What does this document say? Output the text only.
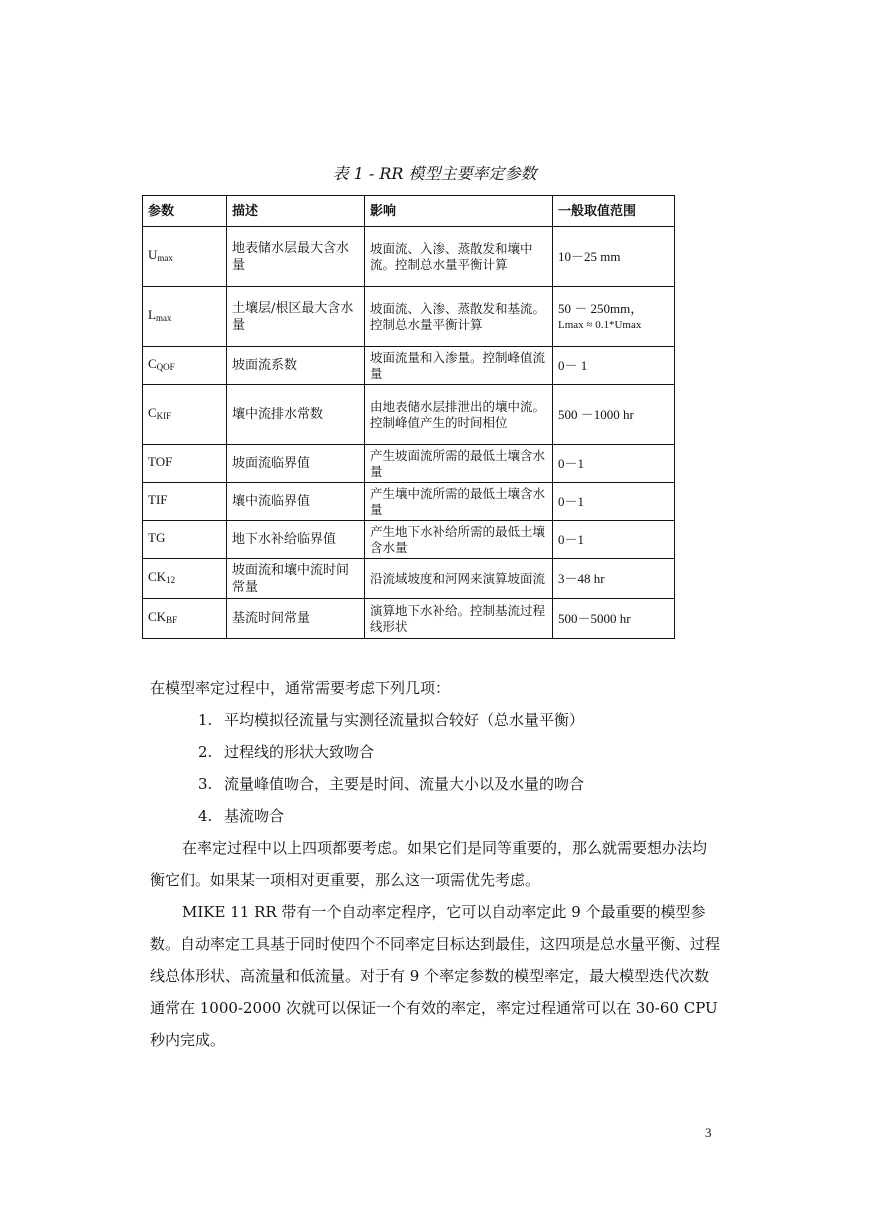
表 1 - RR 模型主要率定参数
参数	描述	影响	一般取值范围
$U_{max}$	地表储水层最大含水量	坡面流、入渗、蒸散发和壤中流。控制总水量平衡计算	10－25 mm

$L_{max}$	土壤层/根区最大含水量	坡面流、入渗、蒸散发和基流。控制总水量平衡计算	50 － 250mm，
Lmax ≈ 0.1*Umax

$C_{QOF}$	坡面流系数	坡面流量和入渗量。控制峰值流量	0－ 1

$C_{KIF}$	壤中流排水常数	由地表储水层排泄出的壤中流。控制峰值产生的时间相位	500 －1000 hr

TOF	坡面流临界值	产生坡面流所需的最低土壤含水量	0－1

TIF	壤中流临界值	产生壤中流所需的最低土壤含水量	0－1

TG	地下水补给临界值	产生地下水补给所需的最低土壤含水量	0－1

$CK_{12}$	坡面流和壤中流时间常量	沿流域坡度和河网来演算坡面流	3－48 hr

$CK_{BF}$	基流时间常量	演算地下水补给。控制基流过程线形状	500－5000 hr
在模型率定过程中，通常需要考虑下列几项：
1. 平均模拟径流量与实测径流量拟合较好（总水量平衡）
2. 过程线的形状大致吻合
3. 流量峰值吻合，主要是时间、流量大小以及水量的吻合
4. 基流吻合
在率定过程中以上四项都要考虑。如果它们是同等重要的，那么就需要想办法均衡它们。如果某一项相对更重要，那么这一项需优先考虑。
MIKE 11 RR 带有一个自动率定程序，它可以自动率定此 9 个最重要的模型参数。自动率定工具基于同时使四个不同率定目标达到最佳，这四项是总水量平衡、过程线总体形状、高流量和低流量。对于有 9 个率定参数的模型率定，最大模型迭代次数通常在 1000-2000 次就可以保证一个有效的率定，率定过程通常可以在 30-60 CPU 秒内完成。
3
